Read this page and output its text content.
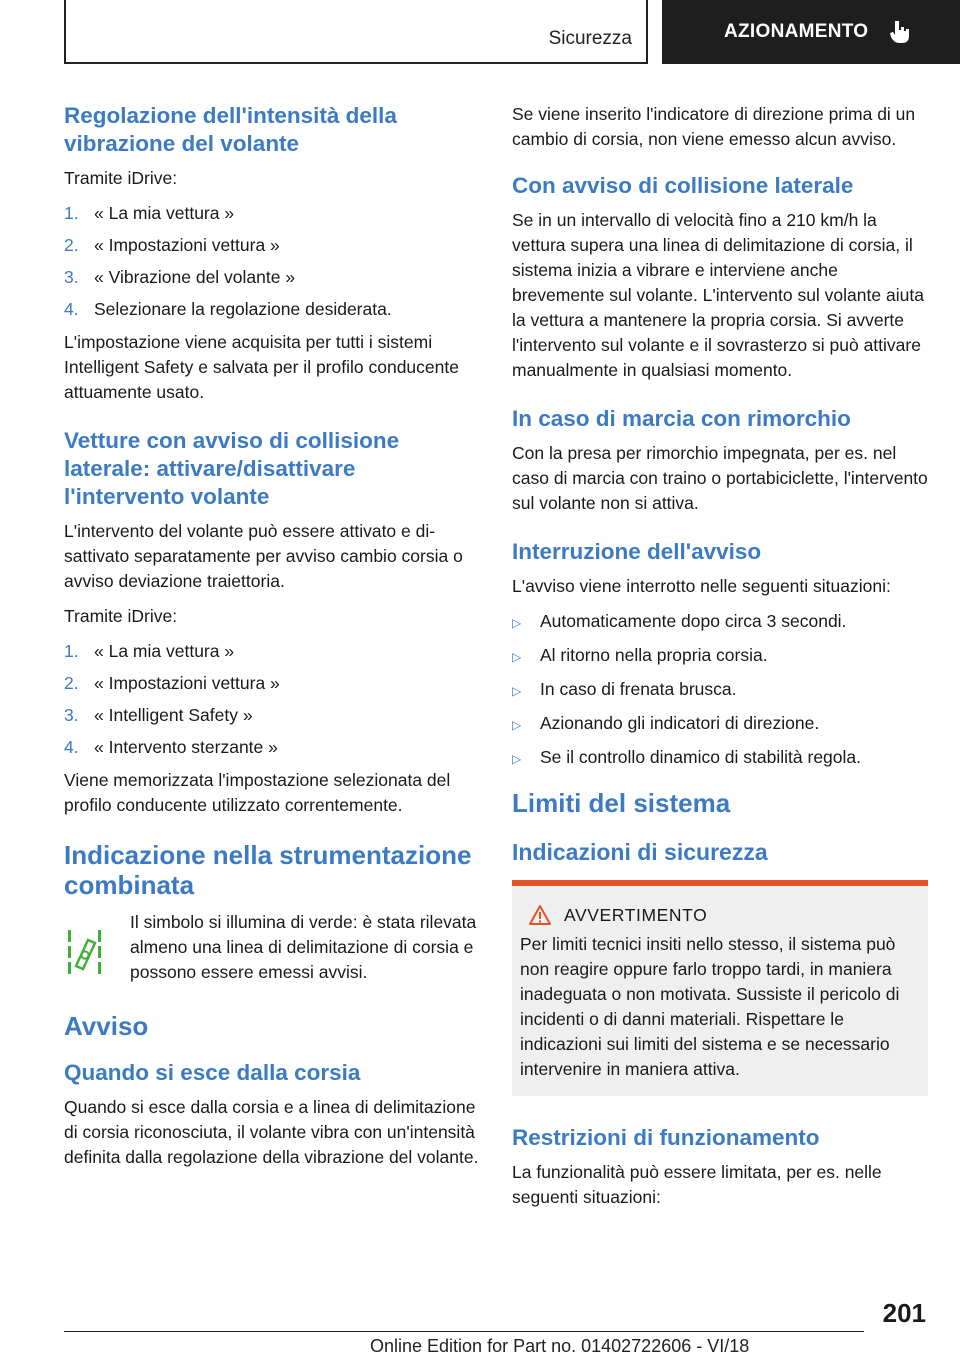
Sicurezza	AZIONAMENTO
Regolazione dell'intensità della vibrazione del volante

Tramite iDrive:

1. « La mia vettura »
2. « Impostazioni vettura »
3. « Vibrazione del volante »
4. Selezionare la regolazione desiderata.

L'impostazione viene acquisita per tutti i sistemi Intelligent Safety e salvata per il profilo conducente attuamente usato.

Vetture con avviso di collisione laterale: attivare/disattivare l'intervento volante

L'intervento del volante può essere attivato e disattivato separatamente per avviso cambio corsia o avviso deviazione traiettoria.

Tramite iDrive:

1. « La mia vettura »
2. « Impostazioni vettura »
3. « Intelligent Safety »
4. « Intervento sterzante »

Viene memorizzata l'impostazione selezionata del profilo conducente utilizzato correntemente.

Indicazione nella strumentazione combinata

Il simbolo si illumina di verde: è stata rilevata almeno una linea di delimitazione di corsia e possono essere emessi avvisi.

Avviso
Quando si esce dalla corsia

Quando si esce dalla corsia e a linea di delimitazione di corsia riconosciuta, il volante vibra con un'intensità definita dalla regolazione della vibrazione del volante.

Se viene inserito l'indicatore di direzione prima di un cambio di corsia, non viene emesso alcun avviso.

Con avviso di collisione laterale

Se in un intervallo di velocità fino a 210 km/h la vettura supera una linea di delimitazione di corsia, il sistema inizia a vibrare e interviene anche brevemente sul volante. L'intervento sul volante aiuta la vettura a mantenere la propria corsia. Si avverte l'intervento sul volante e il sovrasterzo si può attivare manualmente in qualsiasi momento.

In caso di marcia con rimorchio

Con la presa per rimorchio impegnata, per es. nel caso di marcia con traino o portabiciclette, l'intervento sul volante non si attiva.

Interruzione dell'avviso

L'avviso viene interrotto nelle seguenti situazioni:

▷	Automaticamente dopo circa 3 secondi.
▷	Al ritorno nella propria corsia.
▷	In caso di frenata brusca.
▷	Azionando gli indicatori di direzione.
▷	Se il controllo dinamico di stabilità regola.
Limiti del sistema
Indicazioni di sicurezza
AVVERTIMENTO

Per limiti tecnici insiti nello stesso, il sistema può non reagire oppure farlo troppo tardi, in maniera inadeguata o non motivata. Sussiste il pericolo di incidenti o di danni materiali. Rispettare le indicazioni sui limiti del sistema e se necessario intervenire in maniera attiva.

Restrizioni di funzionamento

La funzionalità può essere limitata, per es. nelle seguenti situazioni:

201
Online Edition for Part no. 01402722606 - VI/18
